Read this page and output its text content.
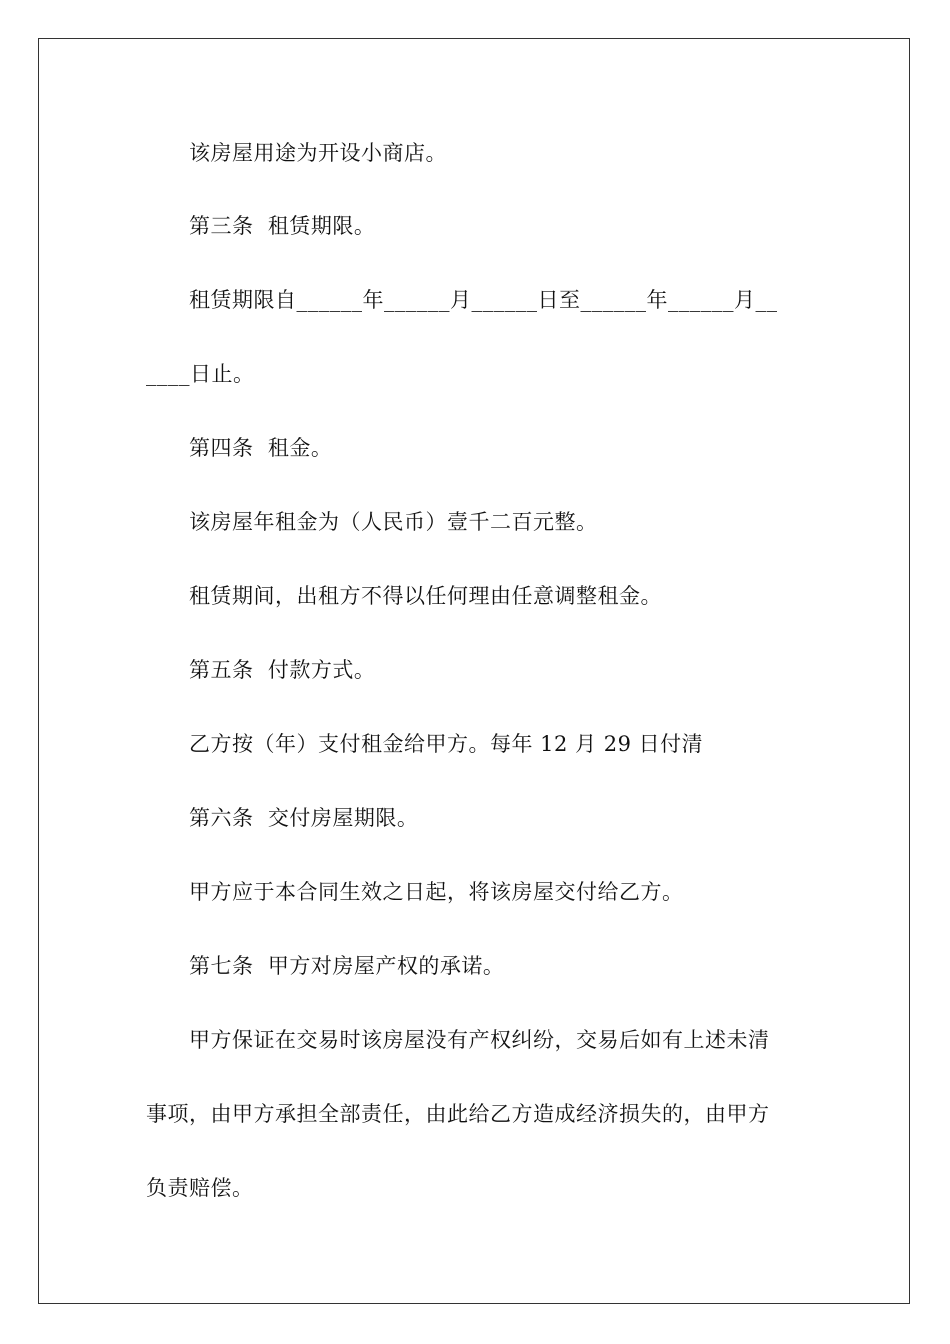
该房屋用途为开设小商店。
第三条  租赁期限。
租赁期限自______年______月______日至______年______月__
____日止。
第四条  租金。
该房屋年租金为（人民币）壹千二百元整。
租赁期间，出租方不得以任何理由任意调整租金。
第五条  付款方式。
乙方按（年）支付租金给甲方。每年 12 月 29 日付清
第六条  交付房屋期限。
甲方应于本合同生效之日起，将该房屋交付给乙方。
第七条  甲方对房屋产权的承诺。
甲方保证在交易时该房屋没有产权纠纷，交易后如有上述未清
事项，由甲方承担全部责任，由此给乙方造成经济损失的，由甲方
负责赔偿。
